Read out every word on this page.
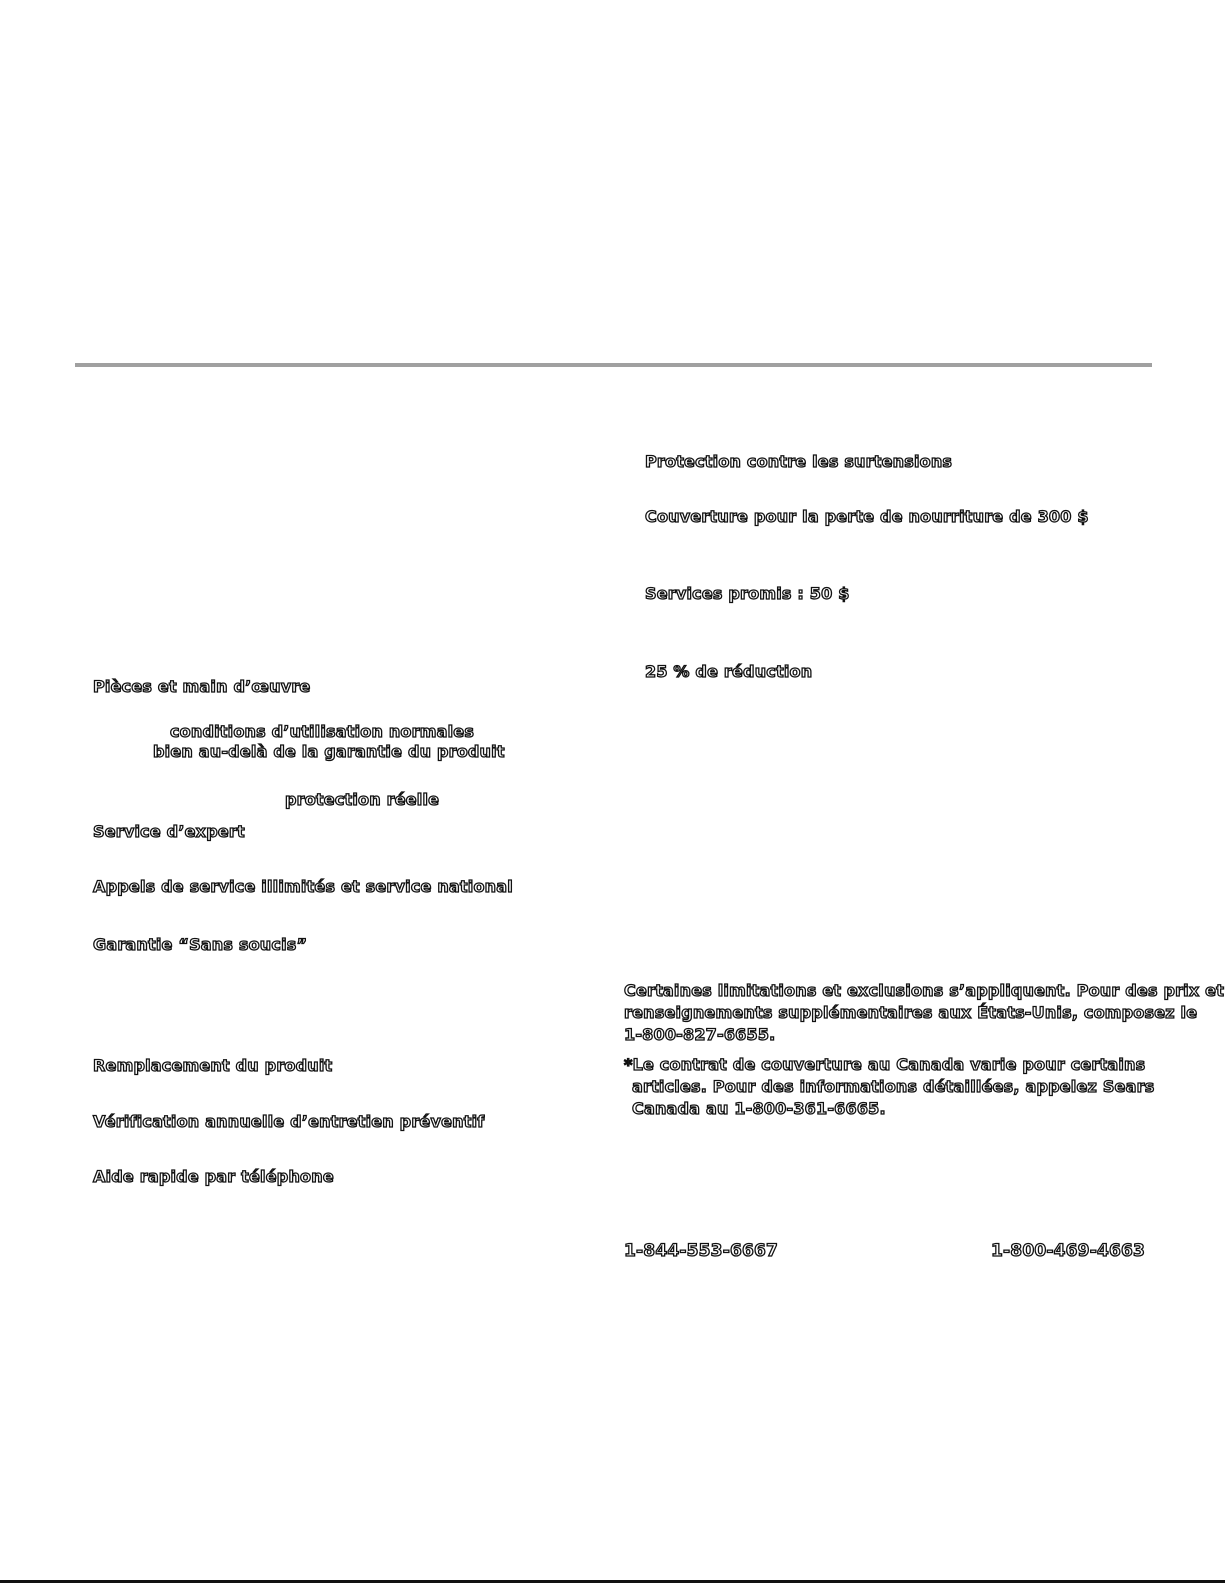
Protection contre les surtensions
Couverture pour la perte de nourriture de 300 $
Services promis : 50 $
25 % de réduction
Pièces et main d’œuvre
conditions d’utilisation normales
bien au-delà de la garantie du produit
protection réelle
Service d’expert
Appels de service illimités et service national
Garantie “Sans soucis”
Remplacement du produit
Vérification annuelle d’entretien préventif
Aide rapide par téléphone
Certaines limitations et exclusions s’appliquent. Pour des prix et
renseignements supplémentaires aux États-Unis, composez le
1-800-827-6655.
*Le contrat de couverture au Canada varie pour certains
articles. Pour des informations détaillées, appelez Sears
Canada au 1-800-361-6665.
1-844-553-6667	1-800-469-4663
